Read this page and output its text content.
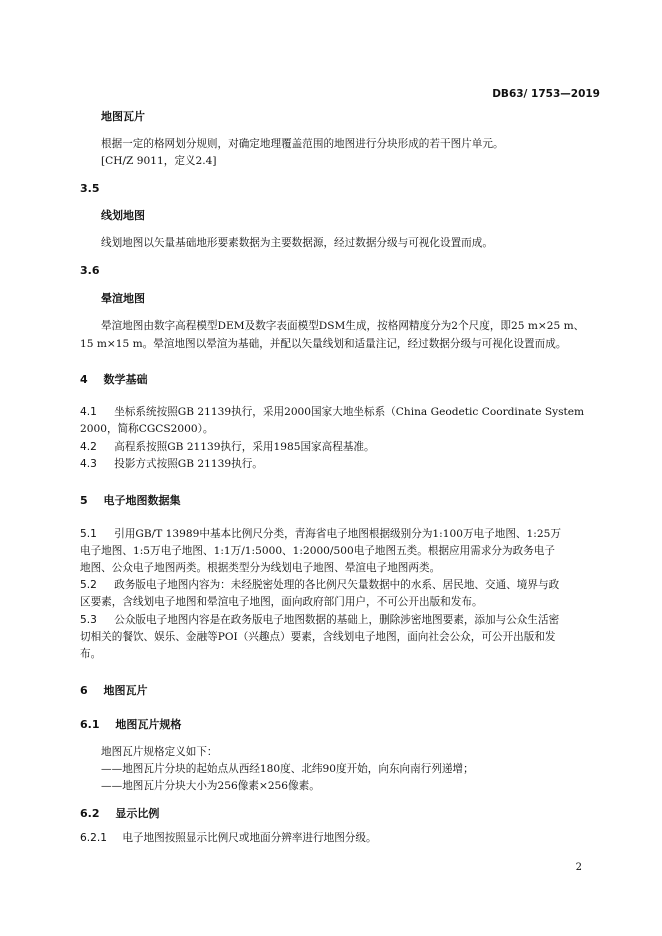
DB63/ 1753—2019
地图瓦片
根据一定的格网划分规则，对确定地理覆盖范围的地图进行分块形成的若干图片单元。
[CH/Z 9011，定义2.4]
3.5
线划地图
线划地图以矢量基础地形要素数据为主要数据源，经过数据分级与可视化设置而成。
3.6
晕渲地图
晕渲地图由数字高程模型DEM及数字表面模型DSM生成，按格网精度分为2个尺度，即25 m×25 m、
15 m×15 m。晕渲地图以晕渲为基础，并配以矢量线划和适量注记，经过数据分级与可视化设置而成。
4 数学基础
4.1 坐标系统按照GB 21139执行，采用2000国家大地坐标系（China Geodetic Coordinate System
2000，简称CGCS2000）。
4.2 高程系按照GB 21139执行，采用1985国家高程基准。
4.3 投影方式按照GB 21139执行。
5 电子地图数据集
5.1 引用GB/T 13989中基本比例尺分类，青海省电子地图根据级别分为1:100万电子地图、1:25万
电子地图、1:5万电子地图、1:1万/1:5000、1:2000/500电子地图五类。根据应用需求分为政务电子
地图、公众电子地图两类。根据类型分为线划电子地图、晕渲电子地图两类。
5.2 政务版电子地图内容为：未经脱密处理的各比例尺矢量数据中的水系、居民地、交通、境界与政
区要素，含线划电子地图和晕渲电子地图，面向政府部门用户，不可公开出版和发布。
5.3 公众版电子地图内容是在政务版电子地图数据的基础上，删除涉密地图要素，添加与公众生活密
切相关的餐饮、娱乐、金融等POI（兴趣点）要素，含线划电子地图，面向社会公众，可公开出版和发
布。
6 地图瓦片
6.1 地图瓦片规格
地图瓦片规格定义如下：
——地图瓦片分块的起始点从西经180度、北纬90度开始，向东向南行列递增；
——地图瓦片分块大小为256像素×256像素。
6.2 显示比例
6.2.1 电子地图按照显示比例尺或地面分辨率进行地图分级。
2
